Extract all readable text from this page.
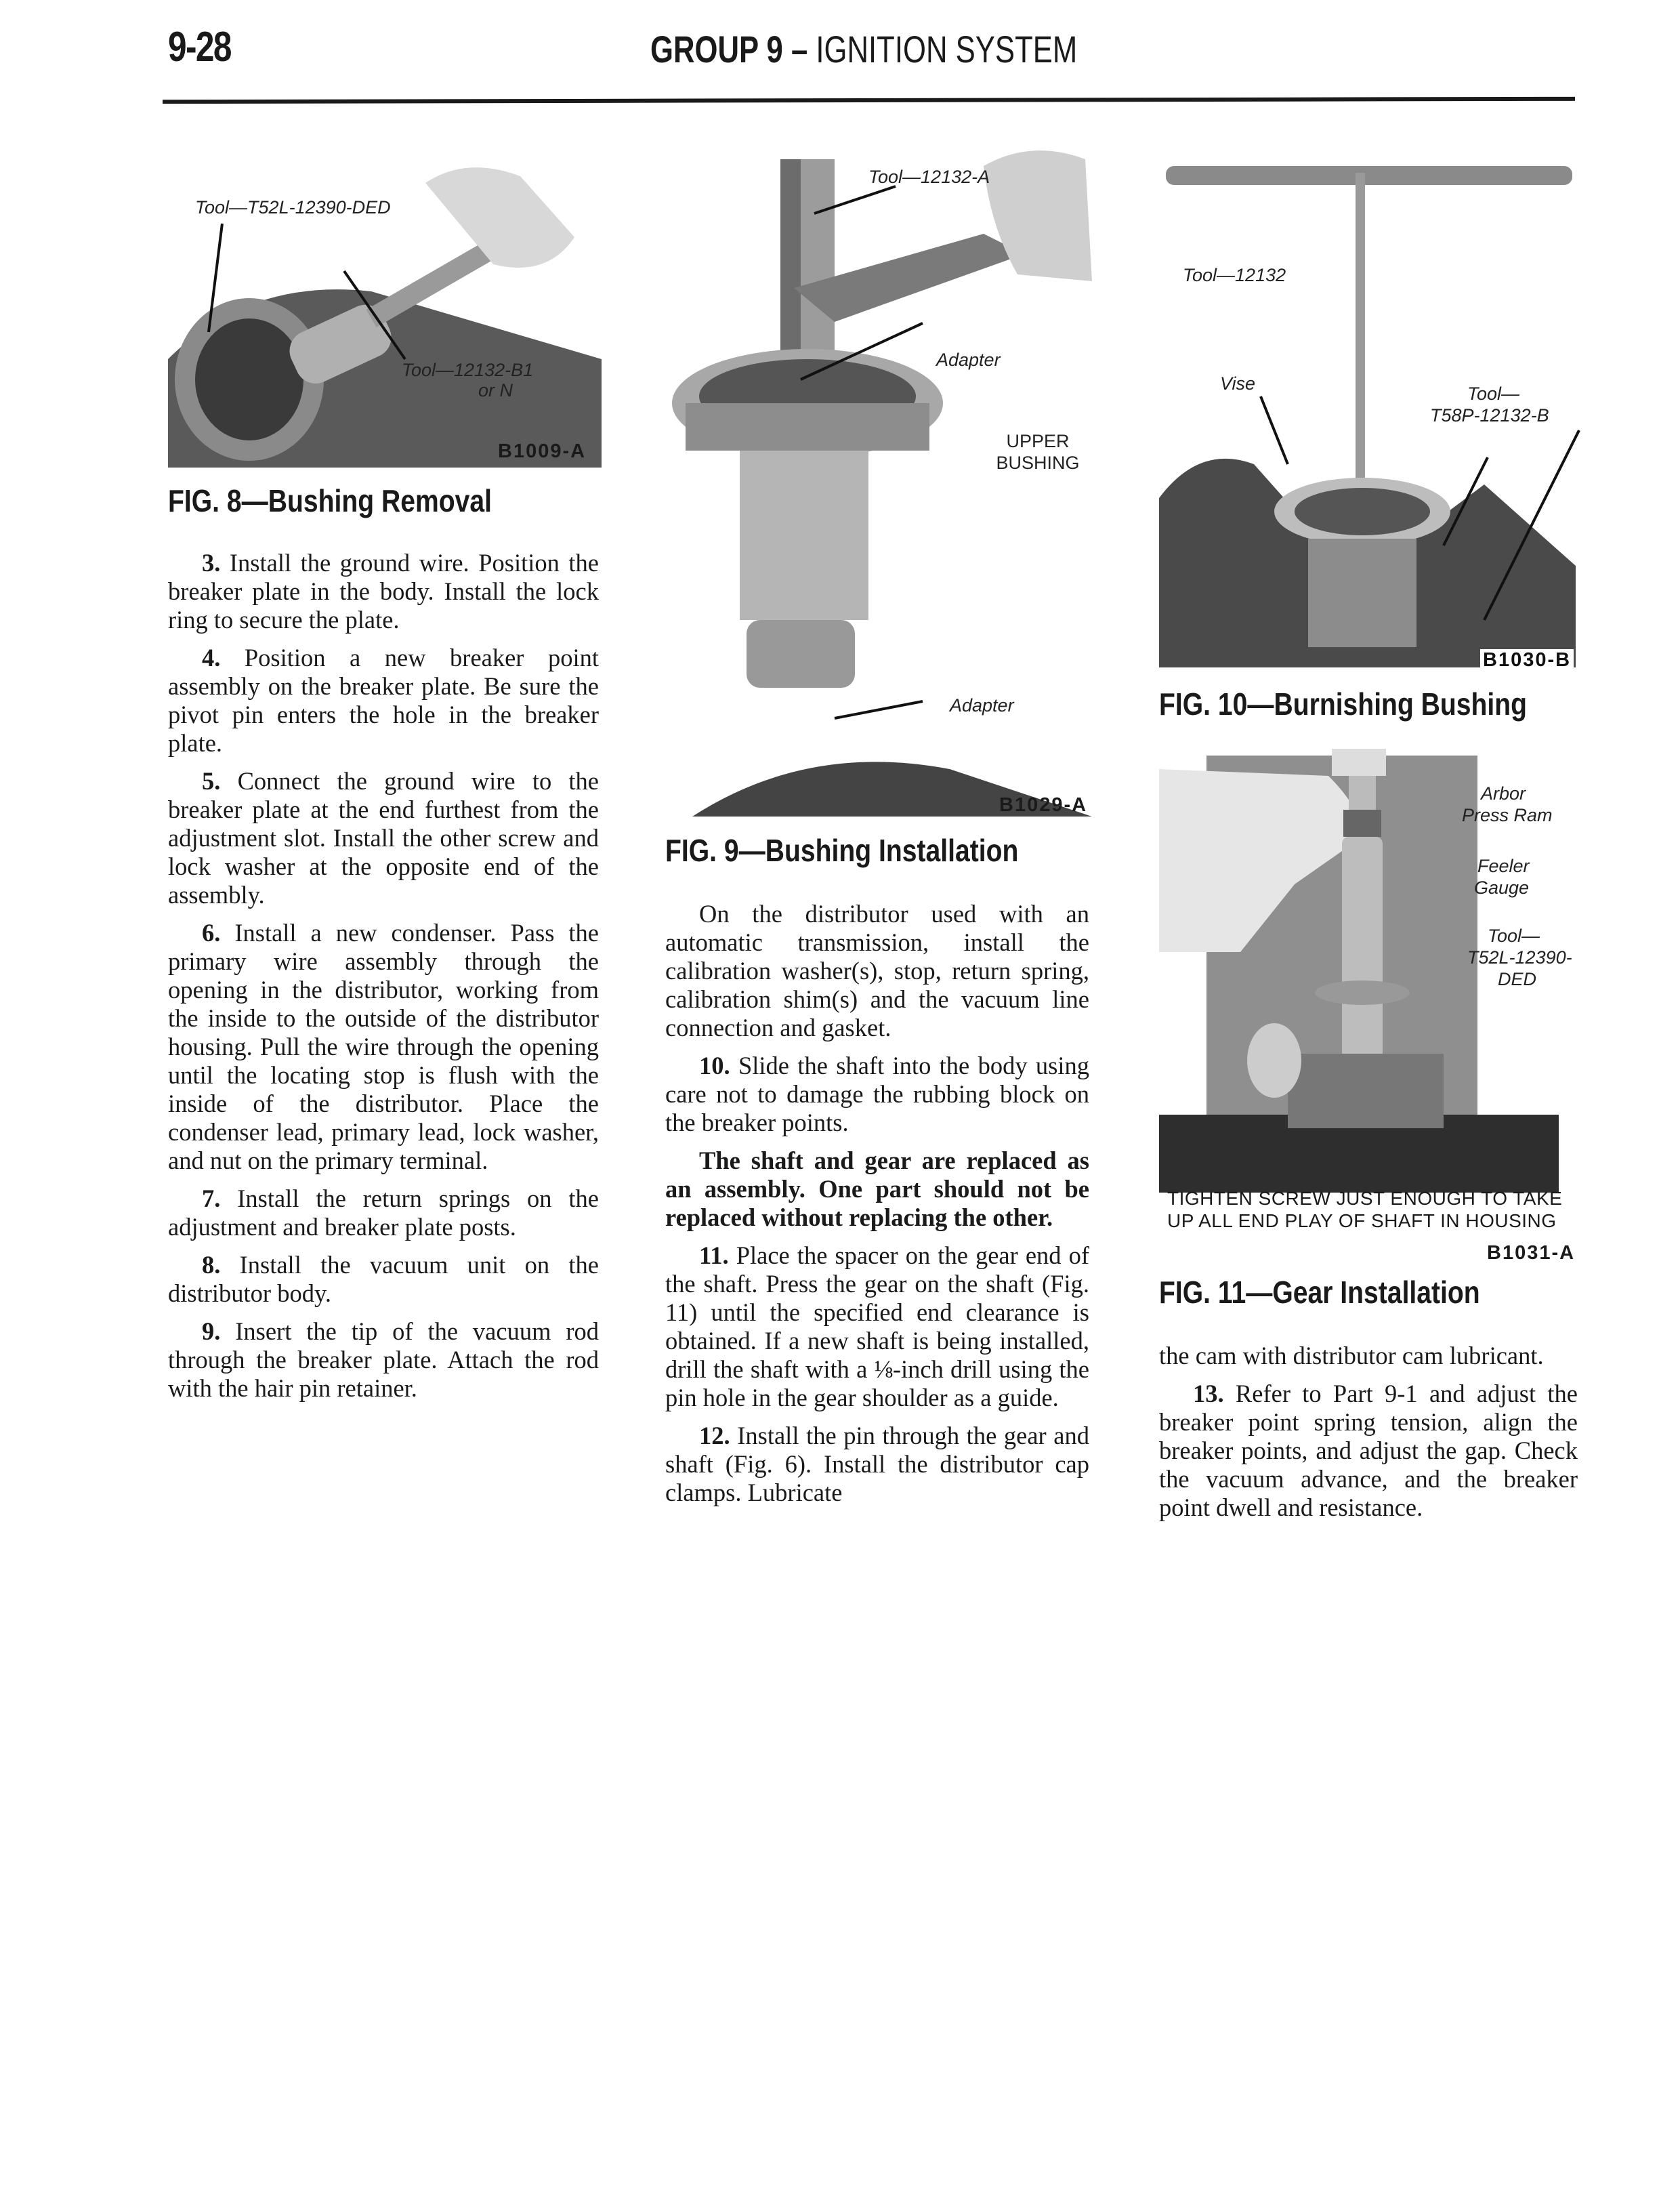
9-28	GROUP 9 – IGNITION SYSTEM
Tool—T52L-12390-DED
Tool—12132-B1
or N
B1009-A
FIG. 8—Bushing Removal

3. Install the ground wire. Position the breaker plate in the body. Install the lock ring to secure the plate.

4. Position a new breaker point assembly on the breaker plate. Be sure the pivot pin enters the hole in the breaker plate.

5. Connect the ground wire to the breaker plate at the end furthest from the adjustment slot. Install the other screw and lock washer at the opposite end of the assembly.

6. Install a new condenser. Pass the primary wire assembly through the opening in the distributor, working from the inside to the outside of the distributor housing. Pull the wire through the opening until the locating stop is flush with the inside of the distributor. Place the condenser lead, primary lead, lock washer, and nut on the primary terminal.

7. Install the return springs on the adjustment and breaker plate posts.

8. Install the vacuum unit on the distributor body.

9. Insert the tip of the vacuum rod through the breaker plate. Attach the rod with the hair pin retainer.

Tool—12132-A
Adapter
UPPER
BUSHING
Adapter
B1029-A
FIG. 9—Bushing Installation

On the distributor used with an automatic transmission, install the calibration washer(s), stop, return spring, calibration shim(s) and the vacuum line connection and gasket.

10. Slide the shaft into the body using care not to damage the rubbing block on the breaker points.

The shaft and gear are replaced as an assembly. One part should not be replaced without replacing the other.

11. Place the spacer on the gear end of the shaft. Press the gear on the shaft (Fig. 11) until the specified end clearance is obtained. If a new shaft is being installed, drill the shaft with a ⅛-inch drill using the pin hole in the gear shoulder as a guide.

12. Install the pin through the gear and shaft (Fig. 6). Install the distributor cap clamps. Lubricate

Tool—12132
Vise	Tool—
T58P-12132-B
B1030-B
FIG. 10—Burnishing Bushing
Arbor
Press Ram
Feeler
Gauge
Tool—
T52L-12390-
DED
TIGHTEN SCREW JUST ENOUGH TO TAKE
UP ALL END PLAY OF SHAFT IN HOUSING
B1031-A
FIG. 11—Gear Installation

the cam with distributor cam lubricant.

13. Refer to Part 9-1 and adjust the breaker point spring tension, align the breaker points, and adjust the gap. Check the vacuum advance, and the breaker point dwell and resistance.
